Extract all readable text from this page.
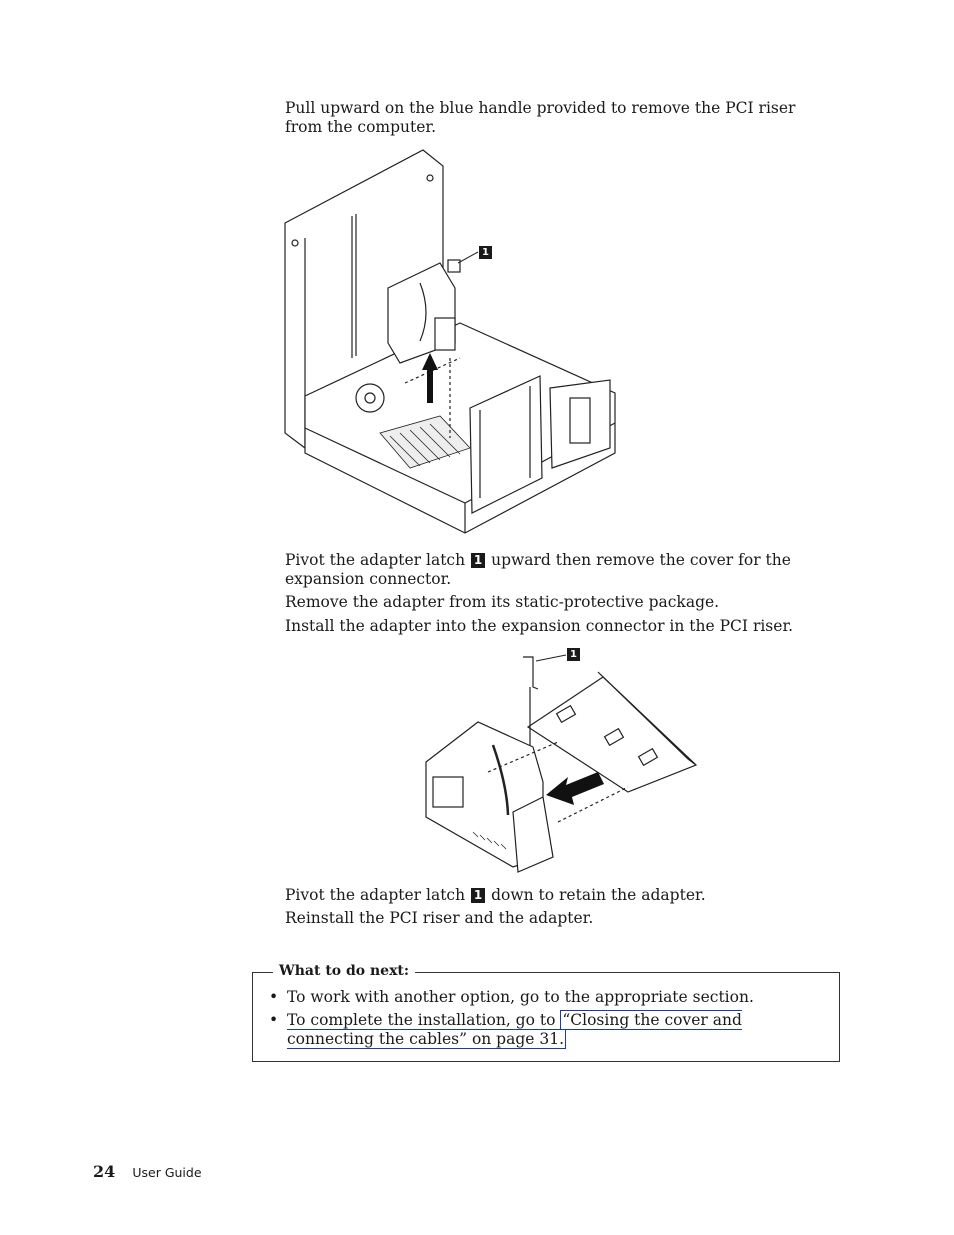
Pull upward on the blue handle provided to remove the PCI riser from the computer.

1

Pivot the adapter latch 1 upward then remove the cover for the expansion connector.

Remove the adapter from its static-protective package.

Install the adapter into the expansion connector in the PCI riser.

1

Pivot the adapter latch 1 down to retain the adapter.

Reinstall the PCI riser and the adapter.

What to do next:
• To work with another option, go to the appropriate section.
• To complete the installation, go to “Closing the cover and connecting the cables” on page 31.
24 User Guide
